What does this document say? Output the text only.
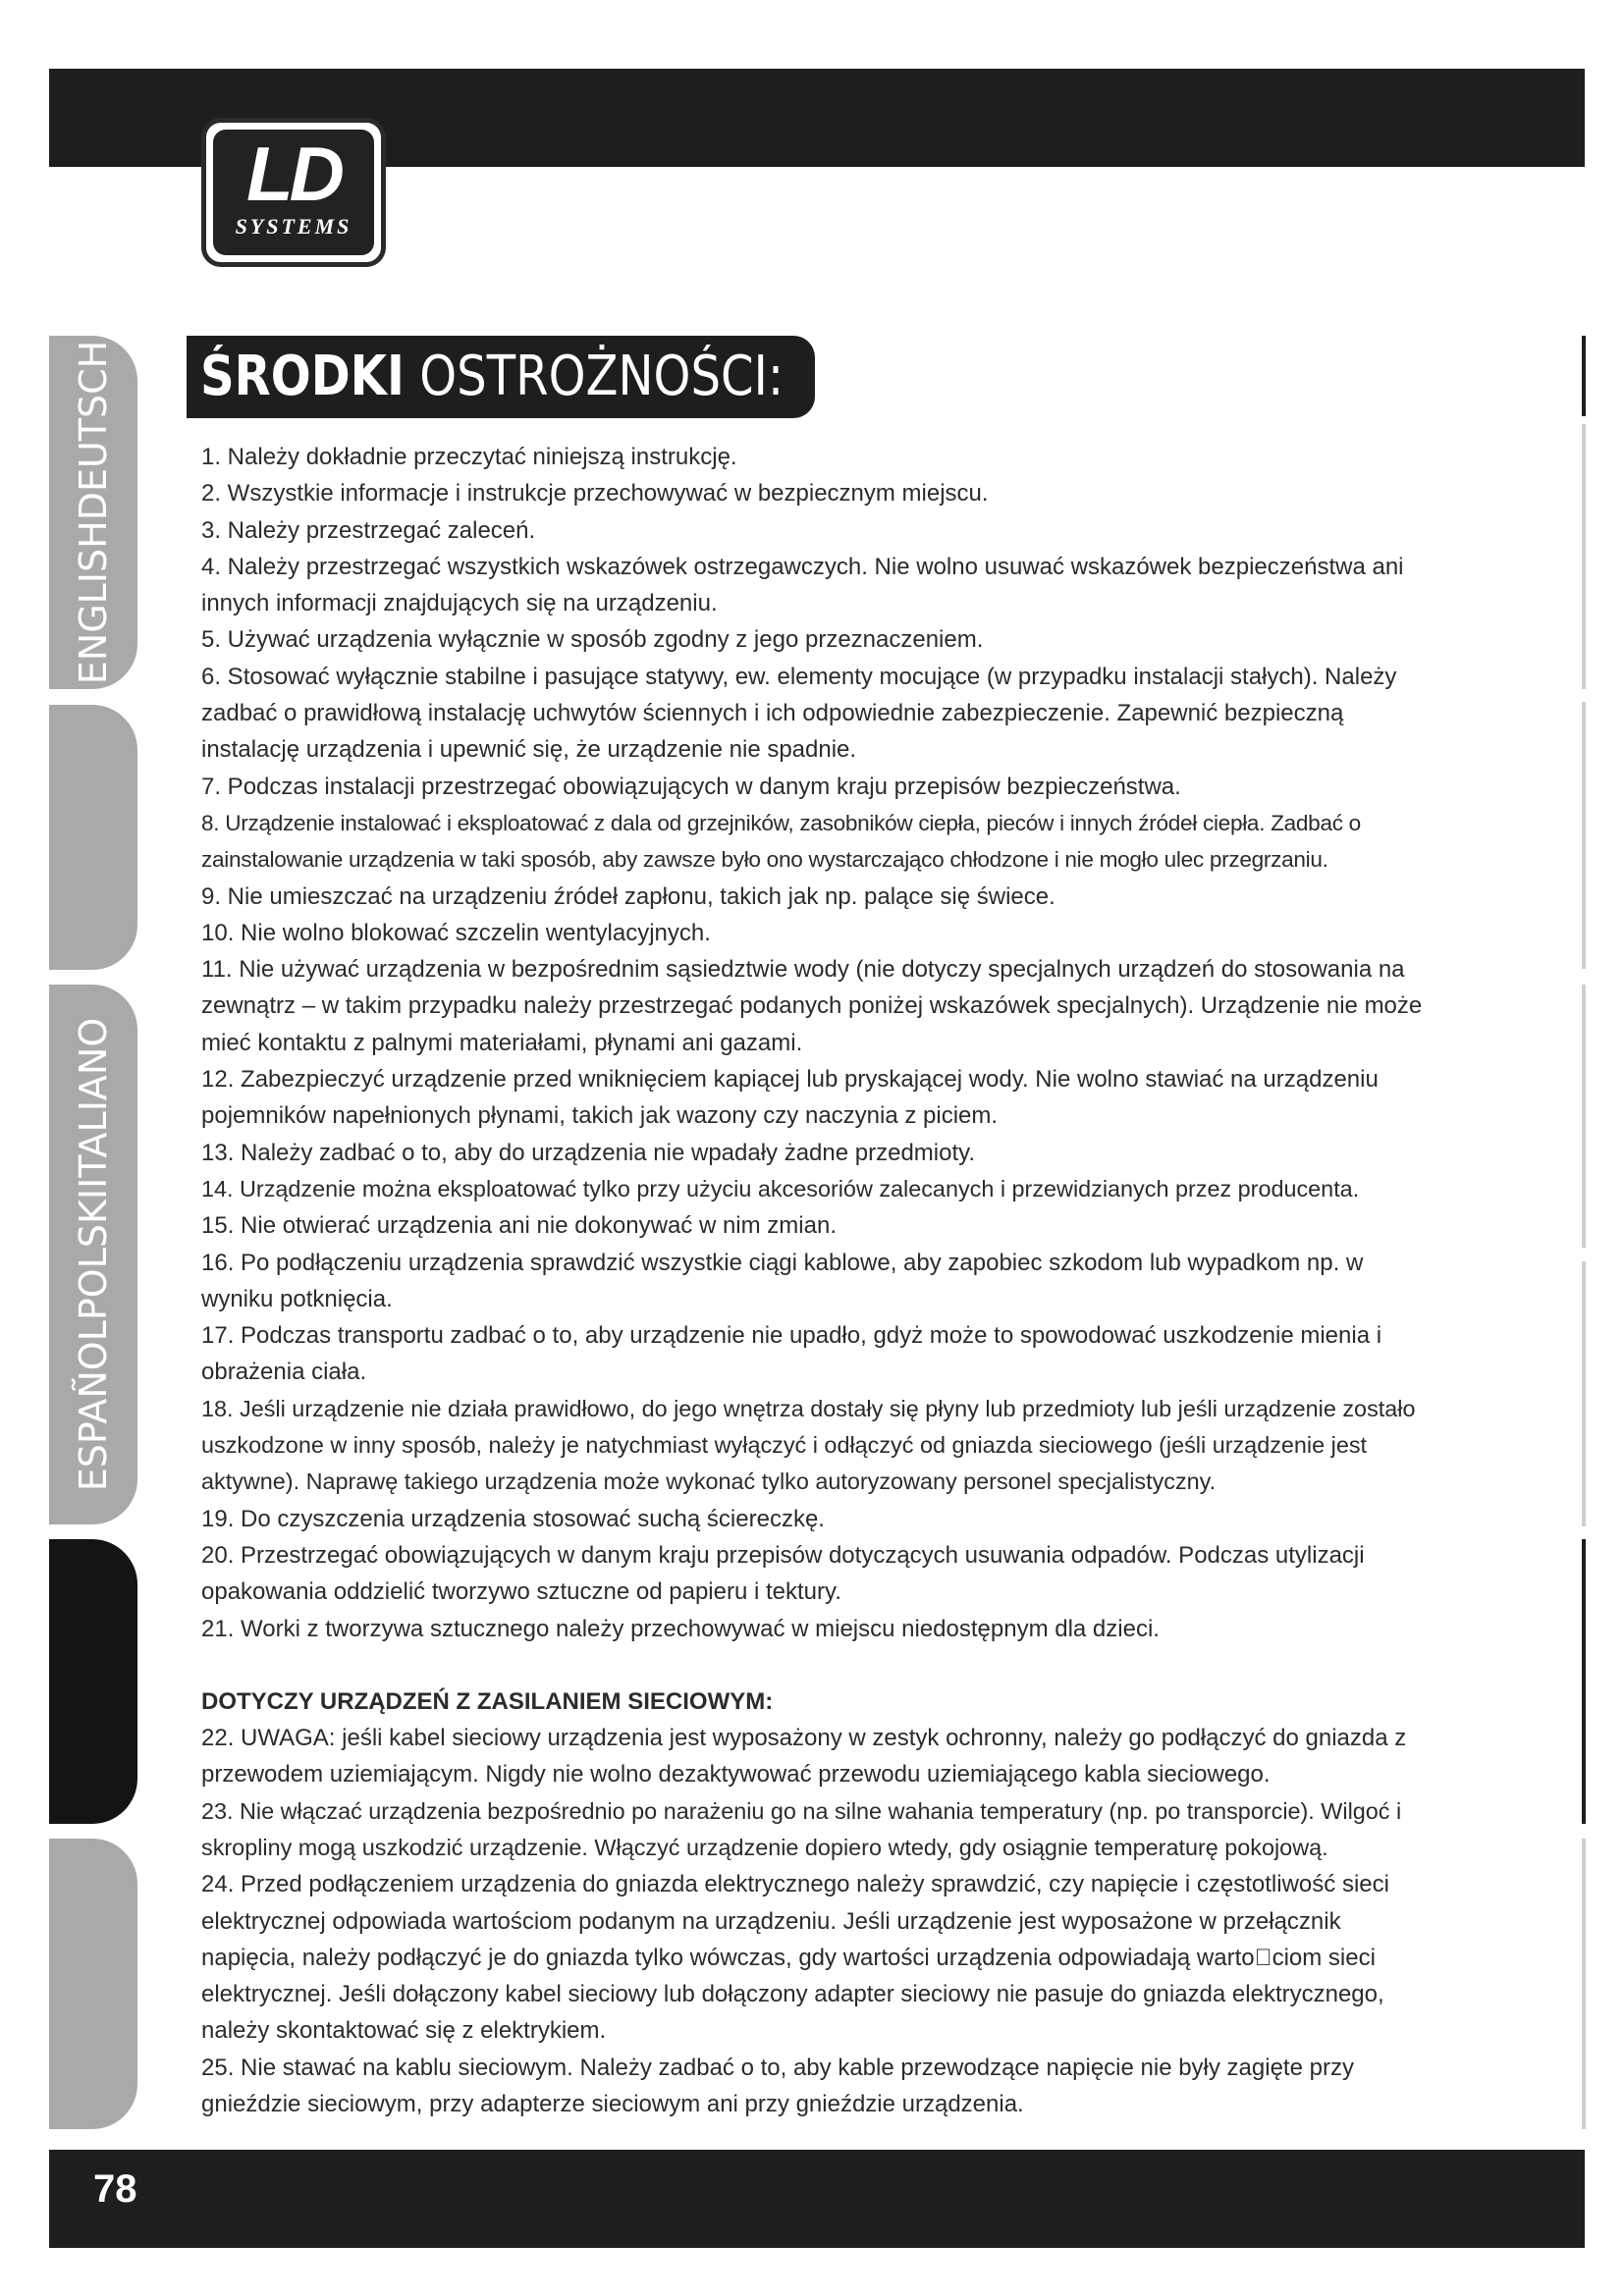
LD
SYSTEMS
ENGLISHDEUTSCH
ESPAÑOLPOLSKIITALIANO
ŚRODKI OSTROŻNOŚCI:

1. Należy dokładnie przeczytać niniejszą instrukcję.

2. Wszystkie informacje i instrukcje przechowywać w bezpiecznym miejscu.

3. Należy przestrzegać zaleceń.

4. Należy przestrzegać wszystkich wskazówek ostrzegawczych. Nie wolno usuwać wskazówek bezpieczeństwa ani innych informacji znajdujących się na urządzeniu.

5. Używać urządzenia wyłącznie w sposób zgodny z jego przeznaczeniem.

6. Stosować wyłącznie stabilne i pasujące statywy, ew. elementy mocujące (w przypadku instalacji stałych). Należy zadbać o prawidłową instalację uchwytów ściennych i ich odpowiednie zabezpieczenie. Zapewnić bezpieczną instalację urządzenia i upewnić się, że urządzenie nie spadnie.

7. Podczas instalacji przestrzegać obowiązujących w danym kraju przepisów bezpieczeństwa.

8. Urządzenie instalować i eksploatować z dala od grzejników, zasobników ciepła, pieców i innych źródeł ciepła. Zadbać o zainstalowanie urządzenia w taki sposób, aby zawsze było ono wystarczająco chłodzone i nie mogło ulec przegrzaniu.

9. Nie umieszczać na urządzeniu źródeł zapłonu, takich jak np. palące się świece.

10. Nie wolno blokować szczelin wentylacyjnych.

11. Nie używać urządzenia w bezpośrednim sąsiedztwie wody (nie dotyczy specjalnych urządzeń do stosowania na zewnątrz – w takim przypadku należy przestrzegać podanych poniżej wskazówek specjalnych). Urządzenie nie może mieć kontaktu z palnymi materiałami, płynami ani gazami.

12. Zabezpieczyć urządzenie przed wniknięciem kapiącej lub pryskającej wody. Nie wolno stawiać na urządzeniu pojemników napełnionych płynami, takich jak wazony czy naczynia z piciem.

13. Należy zadbać o to, aby do urządzenia nie wpadały żadne przedmioty.

14. Urządzenie można eksploatować tylko przy użyciu akcesoriów zalecanych i przewidzianych przez producenta.

15. Nie otwierać urządzenia ani nie dokonywać w nim zmian.

16. Po podłączeniu urządzenia sprawdzić wszystkie ciągi kablowe, aby zapobiec szkodom lub wypadkom np. w wyniku potknięcia.

17. Podczas transportu zadbać o to, aby urządzenie nie upadło, gdyż może to spowodować uszkodzenie mienia i obrażenia ciała.

18. Jeśli urządzenie nie działa prawidłowo, do jego wnętrza dostały się płyny lub przedmioty lub jeśli urządzenie zostało uszkodzone w inny sposób, należy je natychmiast wyłączyć i odłączyć od gniazda sieciowego (jeśli urządzenie jest aktywne). Naprawę takiego urządzenia może wykonać tylko autoryzowany personel specjalistyczny.

19. Do czyszczenia urządzenia stosować suchą ściereczkę.

20. Przestrzegać obowiązujących w danym kraju przepisów dotyczących usuwania odpadów. Podczas utylizacji opakowania oddzielić tworzywo sztuczne od papieru i tektury.

21. Worki z tworzywa sztucznego należy przechowywać w miejscu niedostępnym dla dzieci.

DOTYCZY URZĄDZEŃ Z ZASILANIEM SIECIOWYM:

22. UWAGA: jeśli kabel sieciowy urządzenia jest wyposażony w zestyk ochronny, należy go podłączyć do gniazda z przewodem uziemiającym. Nigdy nie wolno dezaktywować przewodu uziemiającego kabla sieciowego.

23. Nie włączać urządzenia bezpośrednio po narażeniu go na silne wahania temperatury (np. po transporcie). Wilgoć i skropliny mogą uszkodzić urządzenie. Włączyć urządzenie dopiero wtedy, gdy osiągnie temperaturę pokojową.

24. Przed podłączeniem urządzenia do gniazda elektrycznego należy sprawdzić, czy napięcie i częstotliwość sieci elektrycznej odpowiada wartościom podanym na urządzeniu. Jeśli urządzenie jest wyposażone w przełącznik napięcia, należy podłączyć je do gniazda tylko wówczas, gdy wartości urządzenia odpowiadają warto ciom sieci elektrycznej. Jeśli dołączony kabel sieciowy lub dołączony adapter sieciowy nie pasuje do gniazda elektrycznego, należy skontaktować się z elektrykiem.

25. Nie stawać na kablu sieciowym. Należy zadbać o to, aby kable przewodzące napięcie nie były zagięte przy gnieździe sieciowym, przy adapterze sieciowym ani przy gnieździe urządzenia.

78
